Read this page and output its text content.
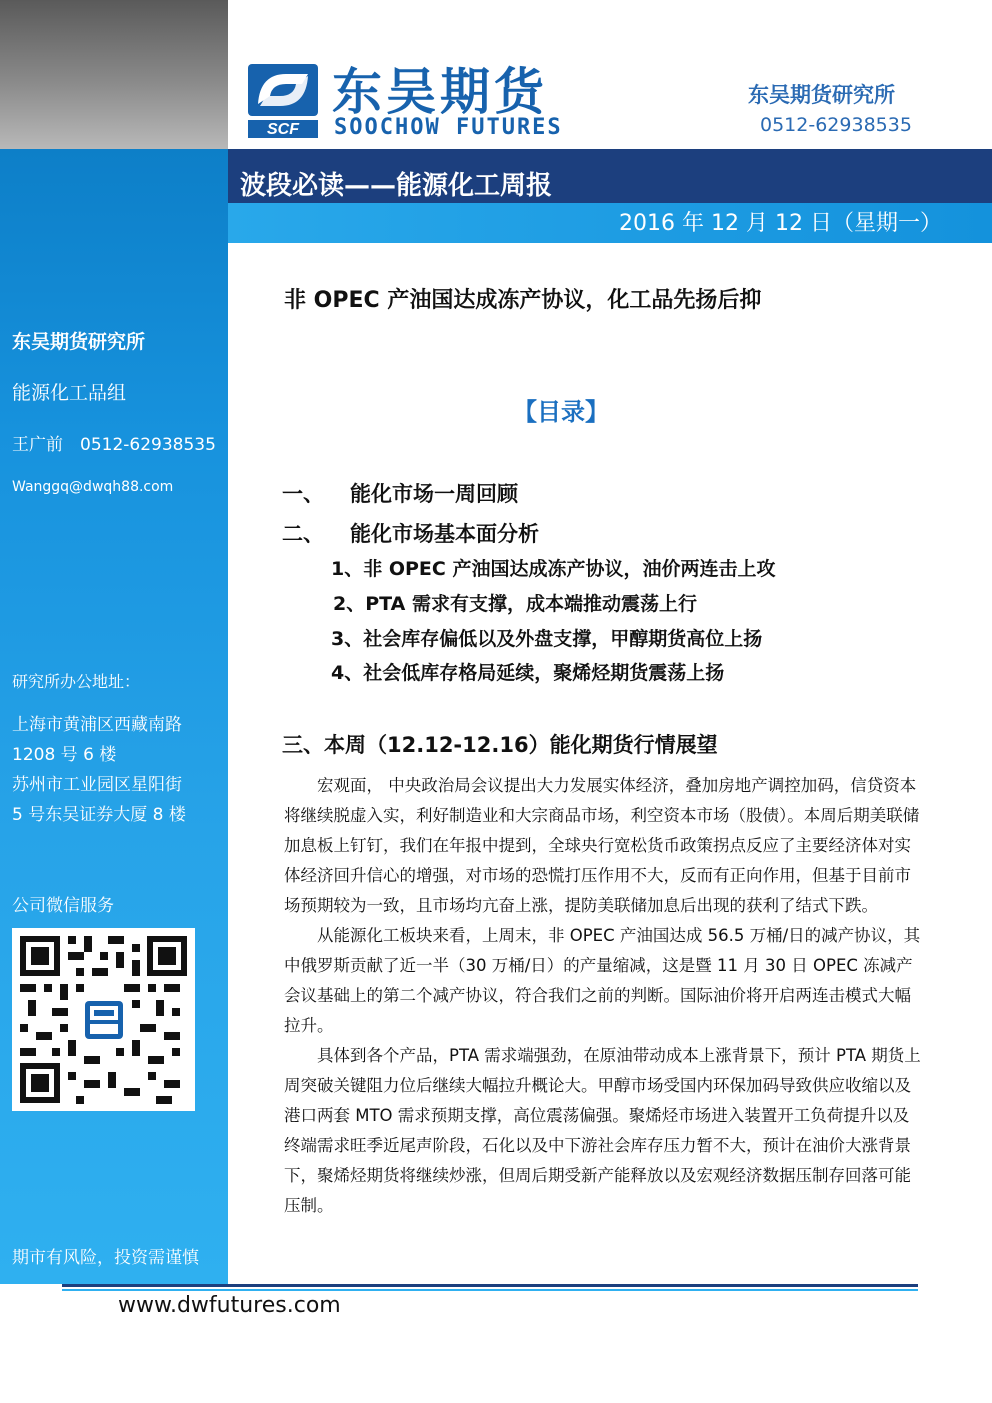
东吴期货研究所
能源化工品组
王广前　0512-62938535
Wanggq@dwqh88.com
研究所办公地址：
上海市黄浦区西藏南路
1208 号 6 楼
苏州市工业园区星阳街
5 号东吴证券大厦 8 楼
公司微信服务
期市有风险，投资需谨慎
SCF
东吴期货
SOOCHOW FUTURES
东吴期货研究所
0512-62938535
波段必读——能源化工周报
2016 年 12 月 12 日（星期一）
非 OPEC 产油国达成冻产协议，化工品先扬后抑
【目录】
一、 能化市场一周回顾
二、 能化市场基本面分析
1、非 OPEC 产油国达成冻产协议，油价两连击上攻
2、PTA 需求有支撑，成本端推动震荡上行
3、社会库存偏低以及外盘支撑，甲醇期货高位上扬
4、社会低库存格局延续，聚烯烃期货震荡上扬
三、本周（12.12-12.16）能化期货行情展望

宏观面， 中央政治局会议提出大力发展实体经济，叠加房地产调控加码，信贷资本将继续脱虚入实，利好制造业和大宗商品市场，利空资本市场（股债）。本周后期美联储加息板上钉钉，我们在年报中提到，全球央行宽松货币政策拐点反应了主要经济体对实体经济回升信心的增强，对市场的恐慌打压作用不大，反而有正向作用，但基于目前市场预期较为一致，且市场均亢奋上涨，提防美联储加息后出现的获利了结式下跌。

从能源化工板块来看，上周末，非 OPEC 产油国达成 56.5 万桶/日的减产协议，其中俄罗斯贡献了近一半（30 万桶/日）的产量缩减，这是暨 11 月 30 日 OPEC 冻减产会议基础上的第二个减产协议，符合我们之前的判断。国际油价将开启两连击模式大幅拉升。

具体到各个产品，PTA 需求端强劲，在原油带动成本上涨背景下，预计 PTA 期货上周突破关键阻力位后继续大幅拉升概论大。甲醇市场受国内环保加码导致供应收缩以及港口两套 MTO 需求预期支撑，高位震荡偏强。聚烯烃市场进入装置开工负荷提升以及终端需求旺季近尾声阶段，石化以及中下游社会库存压力暂不大，预计在油价大涨背景下，聚烯烃期货将继续炒涨，但周后期受新产能释放以及宏观经济数据压制存回落可能压制。

www.dwfutures.com
